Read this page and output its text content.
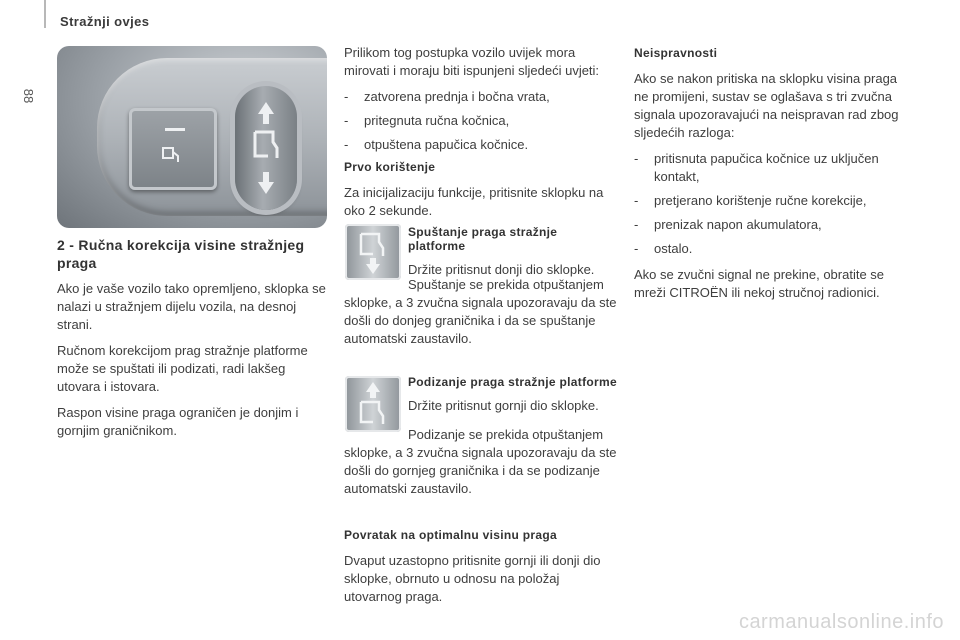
88
Stražnji ovjes
2 - Ručna korekcija visine stražnjeg praga

Ako je vaše vozilo tako opremljeno, sklopka se nalazi u stražnjem dijelu vozila, na desnoj strani.

Ručnom korekcijom prag stražnje platforme može se spuštati ili podizati, radi lakšeg utovara i istovara.

Raspon visine praga ograničen je donjim i gornjim graničnikom.

Prilikom tog postupka vozilo uvijek mora mirovati i moraju biti ispunjeni sljedeći uvjeti:

- zatvorena prednja i bočna vrata,
- pritegnuta ručna kočnica,
- otpuštena papučica kočnice.
Prvo korištenje

Za inicijalizaciju funkcije, pritisnite sklopku na oko 2 sekunde.

Spuštanje praga stražnje platforme

Držite pritisnut donji dio sklopke.

Spuštanje se prekida otpuštanjem sklopke, a 3 zvučna signala upozoravaju da ste došli do donjeg graničnika i da se spuštanje automatski zaustavilo.

Podizanje praga stražnje platforme

Držite pritisnut gornji dio sklopke.

Podizanje se prekida otpuštanjem sklopke, a 3 zvučna signala upozoravaju da ste došli do gornjeg graničnika i da se podizanje automatski zaustavilo.

Povratak na optimalnu visinu praga

Dvaput uzastopno pritisnite gornji ili donji dio sklopke, obrnuto u odnosu na položaj utovarnog praga.

Neispravnosti

Ako se nakon pritiska na sklopku visina praga ne promijeni, sustav se oglašava s tri zvučna signala upozoravajući na neispravan rad zbog sljedećih razloga:

- pritisnuta papučica kočnice uz uključen kontakt,
- pretjerano korištenje ručne korekcije,
- prenizak napon akumulatora,
- ostalo.

Ako se zvučni signal ne prekine, obratite se mreži CITROËN ili nekoj stručnoj radionici.

carmanualsonline.info
